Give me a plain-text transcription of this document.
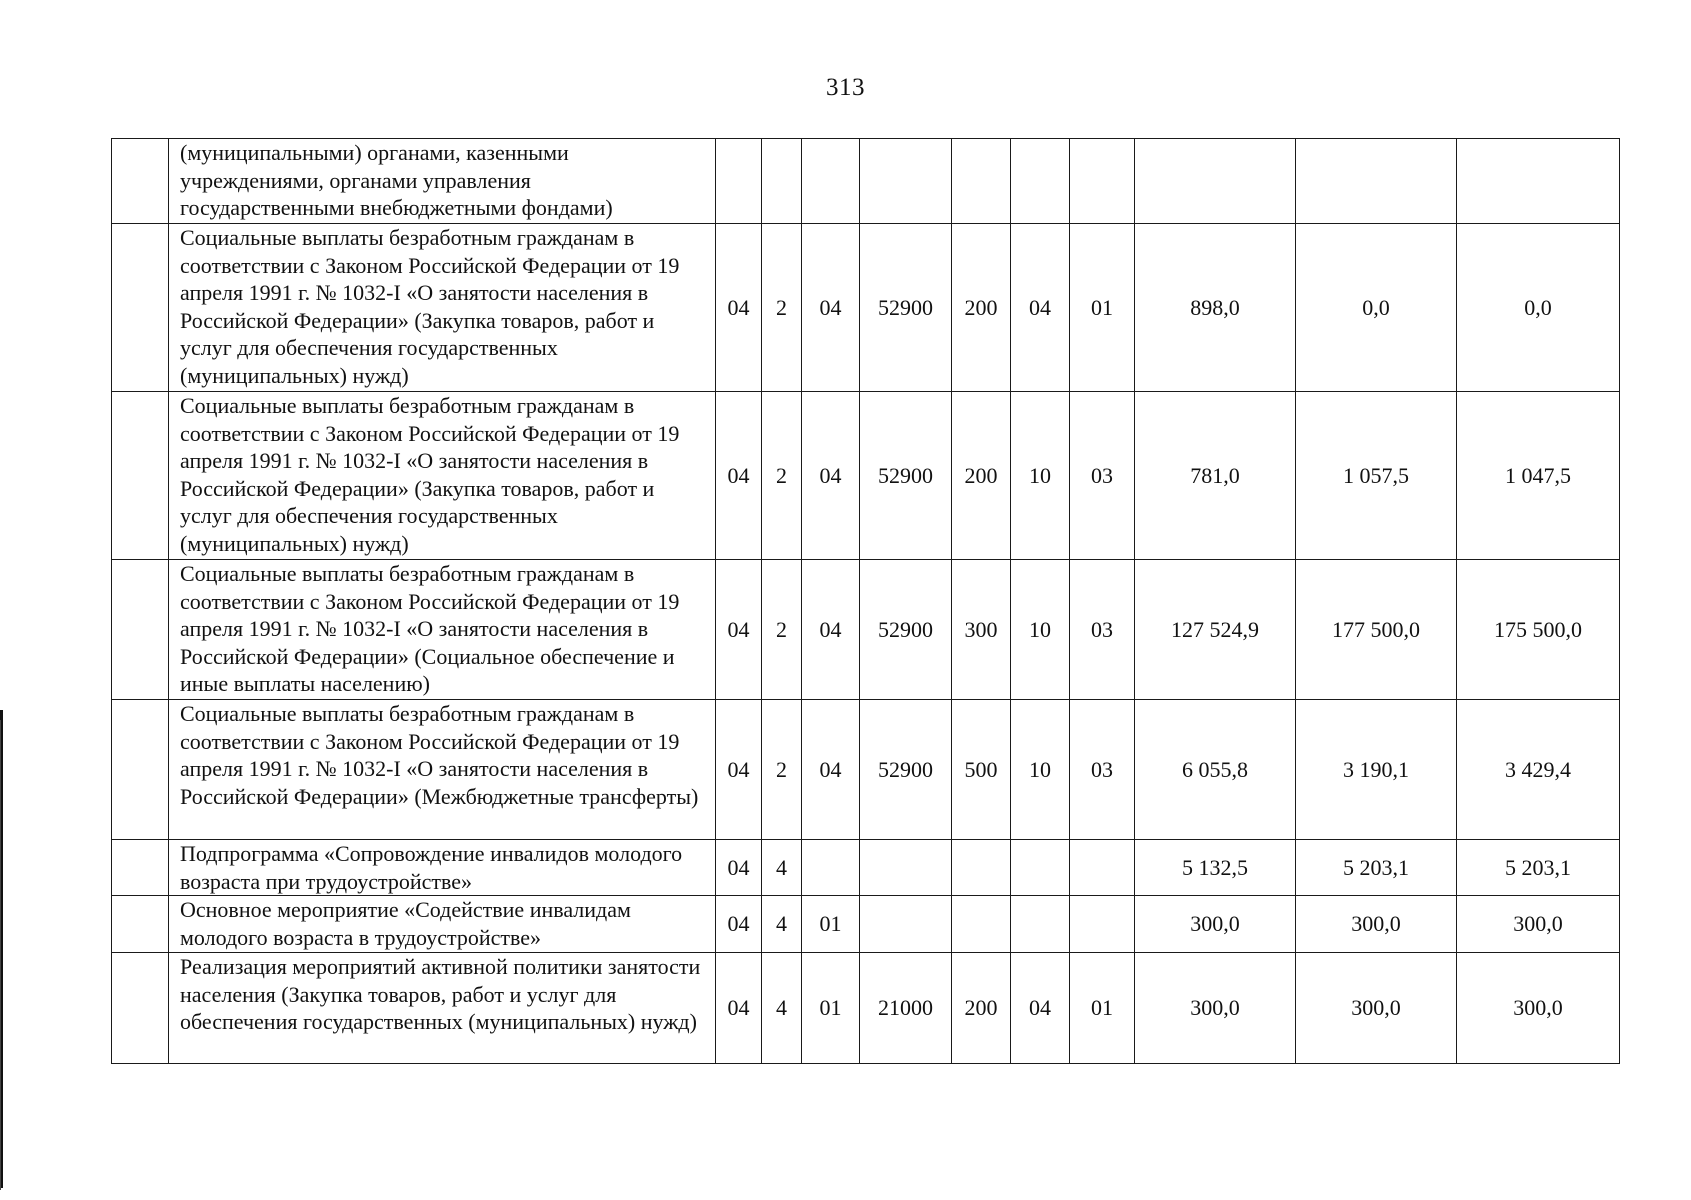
313
	(муниципальными) органами, казенными учреждениями, органами управления государственными внебюджетными фондами)										
	Социальные выплаты безработным гражданам в соответствии с Законом Российской Федерации от 19 апреля 1991 г. № 1032-I «О занятости населения в Российской Федерации» (Закупка товаров, работ и услуг для обеспечения государственных (муниципальных) нужд)	04	2	04	52900	200	04	01	898,0	0,0	0,0
	Социальные выплаты безработным гражданам в соответствии с Законом Российской Федерации от 19 апреля 1991 г. № 1032-I «О занятости населения в Российской Федерации» (Закупка товаров, работ и услуг для обеспечения государственных (муниципальных) нужд)	04	2	04	52900	200	10	03	781,0	1 057,5	1 047,5
	Социальные выплаты безработным гражданам в соответствии с Законом Российской Федерации от 19 апреля 1991 г. № 1032-I «О занятости населения в Российской Федерации» (Социальное обеспечение и иные выплаты населению)	04	2	04	52900	300	10	03	127 524,9	177 500,0	175 500,0
	Социальные выплаты безработным гражданам в соответствии с Законом Российской Федерации от 19 апреля 1991 г. № 1032-I «О занятости населения в Российской Федерации» (Межбюджетные трансферты)	04	2	04	52900	500	10	03	6 055,8	3 190,1	3 429,4
	Подпрограмма «Сопровождение инвалидов молодого возраста при трудоустройстве»	04	4						5 132,5	5 203,1	5 203,1
	Основное мероприятие «Содействие инвалидам молодого возраста в трудоустройстве»	04	4	01					300,0	300,0	300,0
	Реализация мероприятий активной политики занятости населения (Закупка товаров, работ и услуг для обеспечения государственных (муниципальных) нужд)	04	4	01	21000	200	04	01	300,0	300,0	300,0
